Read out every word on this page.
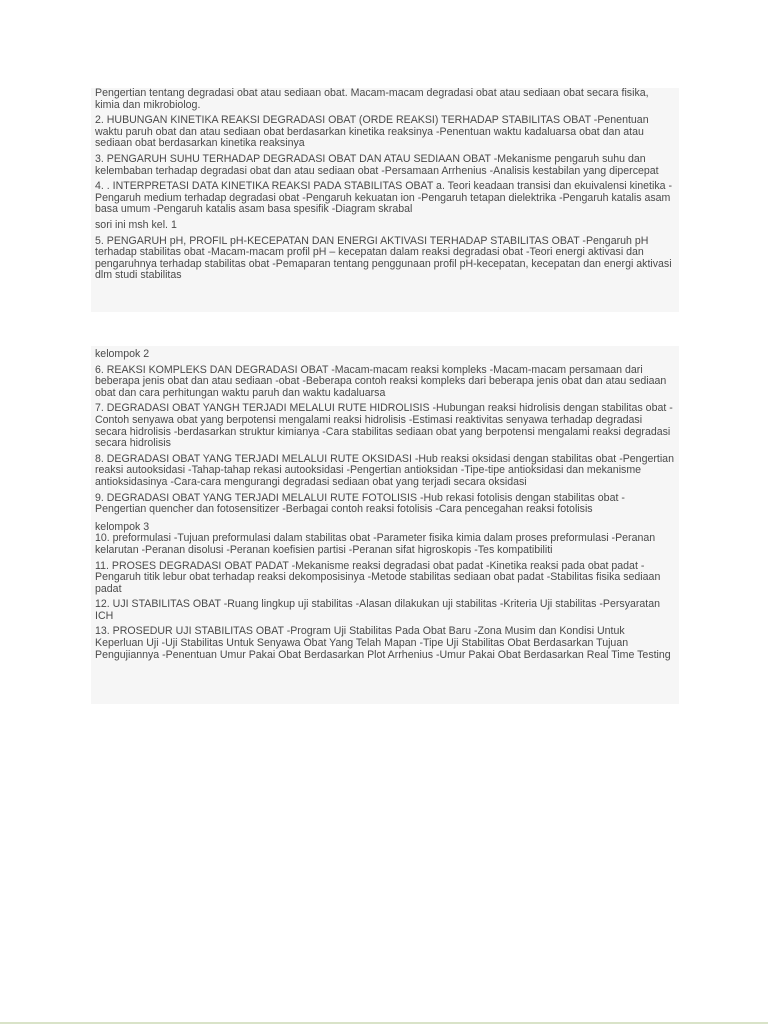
Pengertian tentang degradasi obat atau sediaan obat. Macam-macam degradasi obat atau sediaan obat secara fisika, kimia dan mikrobiolog.

2. HUBUNGAN KINETIKA REAKSI DEGRADASI OBAT (ORDE REAKSI) TERHADAP STABILITAS OBAT -Penentuan waktu paruh obat dan atau sediaan obat berdasarkan kinetika reaksinya -Penentuan waktu kadaluarsa obat dan atau sediaan obat berdasarkan kinetika reaksinya

3. PENGARUH SUHU TERHADAP DEGRADASI OBAT DAN ATAU SEDIAAN OBAT -Mekanisme pengaruh suhu dan kelembaban terhadap degradasi obat dan atau sediaan obat -Persamaan Arrhenius -Analisis kestabilan yang dipercepat

4. . INTERPRETASI DATA KINETIKA REAKSI PADA STABILITAS OBAT a. Teori keadaan transisi dan ekuivalensi kinetika -Pengaruh medium terhadap degradasi obat -Pengaruh kekuatan ion -Pengaruh tetapan dielektrika -Pengaruh katalis asam basa umum -Pengaruh katalis asam basa spesifik -Diagram skrabal

sori ini msh kel. 1

5. PENGARUH pH, PROFIL pH-KECEPATAN DAN ENERGI AKTIVASI TERHADAP STABILITAS OBAT -Pengaruh pH terhadap stabilitas obat -Macam-macam profil pH – kecepatan dalam reaksi degradasi obat -Teori energi aktivasi dan pengaruhnya terhadap stabilitas obat -Pemaparan tentang penggunaan profil pH-kecepatan, kecepatan dan energi aktivasi dlm studi stabilitas

kelompok 2

6. REAKSI KOMPLEKS DAN DEGRADASI OBAT -Macam-macam reaksi kompleks -Macam-macam persamaan dari beberapa jenis obat dan atau sediaan -obat -Beberapa contoh reaksi kompleks dari beberapa jenis obat dan atau sediaan obat dan cara perhitungan waktu paruh dan waktu kadaluarsa

7. DEGRADASI OBAT YANGH TERJADI MELALUI RUTE HIDROLISIS -Hubungan reaksi hidrolisis dengan stabilitas obat -Contoh senyawa obat yang berpotensi mengalami reaksi hidrolisis -Estimasi reaktivitas senyawa terhadap degradasi secara hidrolisis -berdasarkan struktur kimianya -Cara stabilitas sediaan obat yang berpotensi mengalami reaksi degradasi secara hidrolisis

8. DEGRADASI OBAT YANG TERJADI MELALUI RUTE OKSIDASI -Hub reaksi oksidasi dengan stabilitas obat -Pengertian reaksi autooksidasi -Tahap-tahap rekasi autooksidasi -Pengertian antioksidan -Tipe-tipe antioksidasi dan mekanisme antioksidasinya -Cara-cara mengurangi degradasi sediaan obat yang terjadi secara oksidasi

9. DEGRADASI OBAT YANG TERJADI MELALUI RUTE FOTOLISIS -Hub rekasi fotolisis dengan stabilitas obat -Pengertian quencher dan fotosensitizer -Berbagai contoh reaksi fotolisis -Cara pencegahan reaksi fotolisis

kelompok 3

10. preformulasi -Tujuan preformulasi dalam stabilitas obat -Parameter fisika kimia dalam proses preformulasi -Peranan kelarutan -Peranan disolusi -Peranan koefisien partisi -Peranan sifat higroskopis -Tes kompatibiliti

11. PROSES DEGRADASI OBAT PADAT -Mekanisme reaksi degradasi obat padat -Kinetika reaksi pada obat padat -Pengaruh titik lebur obat terhadap reaksi dekomposisinya -Metode stabilitas sediaan obat padat -Stabilitas fisika sediaan padat

12. UJI STABILITAS OBAT -Ruang lingkup uji stabilitas -Alasan dilakukan uji stabilitas -Kriteria Uji stabilitas -Persyaratan ICH

13. PROSEDUR UJI STABILITAS OBAT -Program Uji Stabilitas Pada Obat Baru -Zona Musim dan Kondisi Untuk Keperluan Uji -Uji Stabilitas Untuk Senyawa Obat Yang Telah Mapan -Tipe Uji Stabilitas Obat Berdasarkan Tujuan Pengujiannya -Penentuan Umur Pakai Obat Berdasarkan Plot Arrhenius -Umur Pakai Obat Berdasarkan Real Time Testing
